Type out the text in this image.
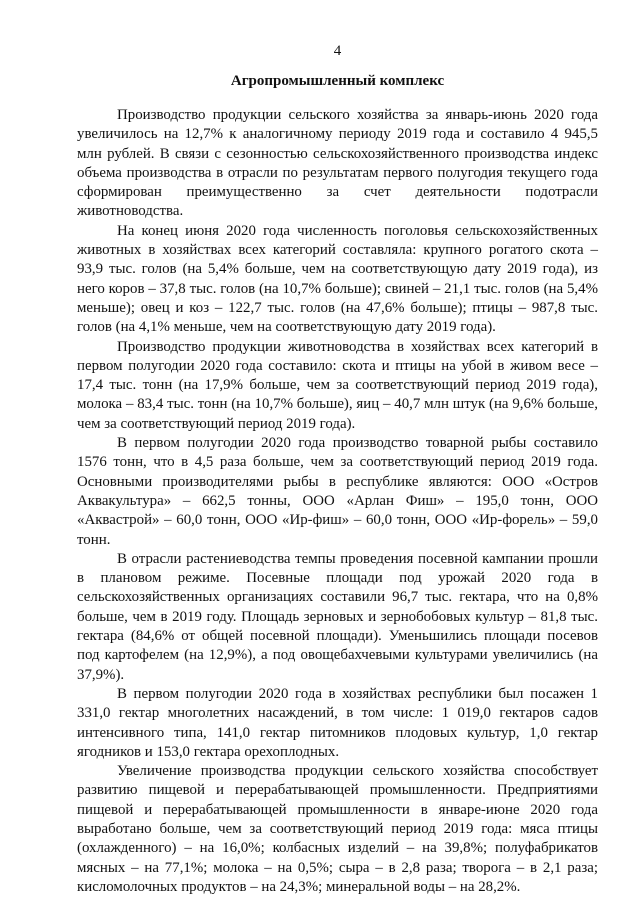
4
Агропромышленный комплекс

Производство продукции сельского хозяйства за январь-июнь 2020 года увеличилось на 12,7% к аналогичному периоду 2019 года и составило 4 945,5 млн рублей. В связи с сезонностью сельскохозяйственного производства индекс объема производства в отрасли по результатам первого полугодия текущего года сформирован преимущественно за счет деятельности подотрасли животноводства.

На конец июня 2020 года численность поголовья сельскохозяйственных животных в хозяйствах всех категорий составляла: крупного рогатого скота – 93,9 тыс. голов (на 5,4% больше, чем на соответствующую дату 2019 года), из него коров – 37,8 тыс. голов (на 10,7% больше); свиней – 21,1 тыс. голов (на 5,4% меньше); овец и коз – 122,7 тыс. голов (на 47,6% больше); птицы – 987,8 тыс. голов (на 4,1% меньше, чем на соответствующую дату 2019 года).

Производство продукции животноводства в хозяйствах всех категорий в первом полугодии 2020 года составило: скота и птицы на убой в живом весе – 17,4 тыс. тонн (на 17,9% больше, чем за соответствующий период 2019 года), молока – 83,4 тыс. тонн (на 10,7% больше), яиц – 40,7 млн штук (на 9,6% больше, чем за соответствующий период 2019 года).

В первом полугодии 2020 года производство товарной рыбы составило 1576 тонн, что в 4,5 раза больше, чем за соответствующий период 2019 года. Основными производителями рыбы в республике являются: ООО «Остров Аквакультура» – 662,5 тонны, ООО «Арлан Фиш» – 195,0 тонн, ООО «Акваcтрой» – 60,0 тонн, ООО «Ир-фиш» – 60,0 тонн, ООО «Ир-форель» – 59,0 тонн.

В отрасли растениеводства темпы проведения посевной кампании прошли в плановом режиме. Посевные площади под урожай 2020 года в сельскохозяйственных организациях составили 96,7 тыс. гектара, что на 0,8% больше, чем в 2019 году. Площадь зерновых и зернобобовых культур – 81,8 тыс. гектара (84,6% от общей посевной площади). Уменьшились площади посевов под картофелем (на 12,9%), а под овощебахчевыми культурами увеличились (на 37,9%).

В первом полугодии 2020 года в хозяйствах республики был посажен 1 331,0 гектар многолетних насаждений, в том числе: 1 019,0 гектаров садов интенсивного типа, 141,0 гектар питомников плодовых культур, 1,0 гектар ягодников и 153,0 гектара орехоплодных.

Увеличение производства продукции сельского хозяйства способствует развитию пищевой и перерабатывающей промышленности. Предприятиями пищевой и перерабатывающей промышленности в январе-июне 2020 года выработано больше, чем за соответствующий период 2019 года: мяса птицы (охлажденного) – на 16,0%; колбасных изделий – на 39,8%; полуфабрикатов мясных – на 77,1%; молока – на 0,5%; сыра – в 2,8 раза; творога – в 2,1 раза; кисломолочных продуктов – на 24,3%; минеральной воды – на 28,2%.
